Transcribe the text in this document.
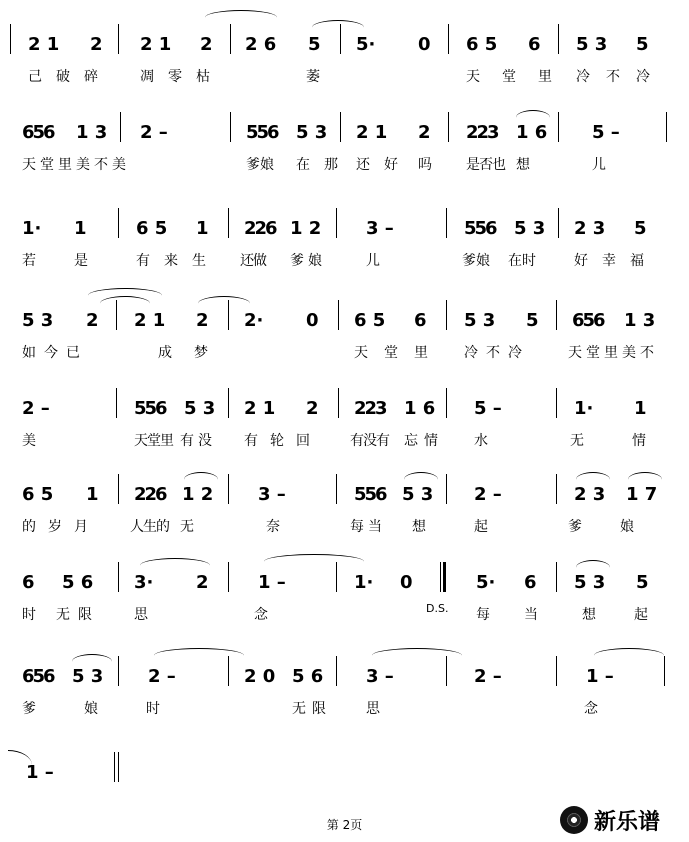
2 1 2 2 1 2 2 6 5 5· 0 6 5 6 5 3 5
己破碎 凋零枯	萎	天堂里 冷不冷
656 1 3 2 –	556 5 3 2 1 2 223 1 6 5 –
天堂里美不美	爹娘 在那 还好 吗 是否也 想	儿
1· 1	6 5 1 226 1 2 3 –	556 5 3 2 3 5
若	是	有来生 还做 爹娘	儿	爹娘 在时	好幸福
5 3 2 2 1 2 2· 0 6 5 6 5 3 5 656 1 3
如今已	成梦	天堂里 冷不冷	天堂里美不
2 –	556 5 3 2 1 2 223 1 6 5 –	1· 1
美	天堂里 有没 有轮回 有没有 忘情 水	无	情
6 5 1 226 1 2 3 –	556 5 3 2 –	2 3 1 7
的岁月 人生的 无	奈	每当 想	起	爹	娘
6 5 6 3· 2	1 –	1· 0	5· 6 5 3 5
时 无限 思	念	每 当	想	起
D.S.
656 5 3 2 –	2 0 5 6 3 –	2 –	1 –
爹	娘	时	无限 思	念
1 –
第 2页	新乐谱
